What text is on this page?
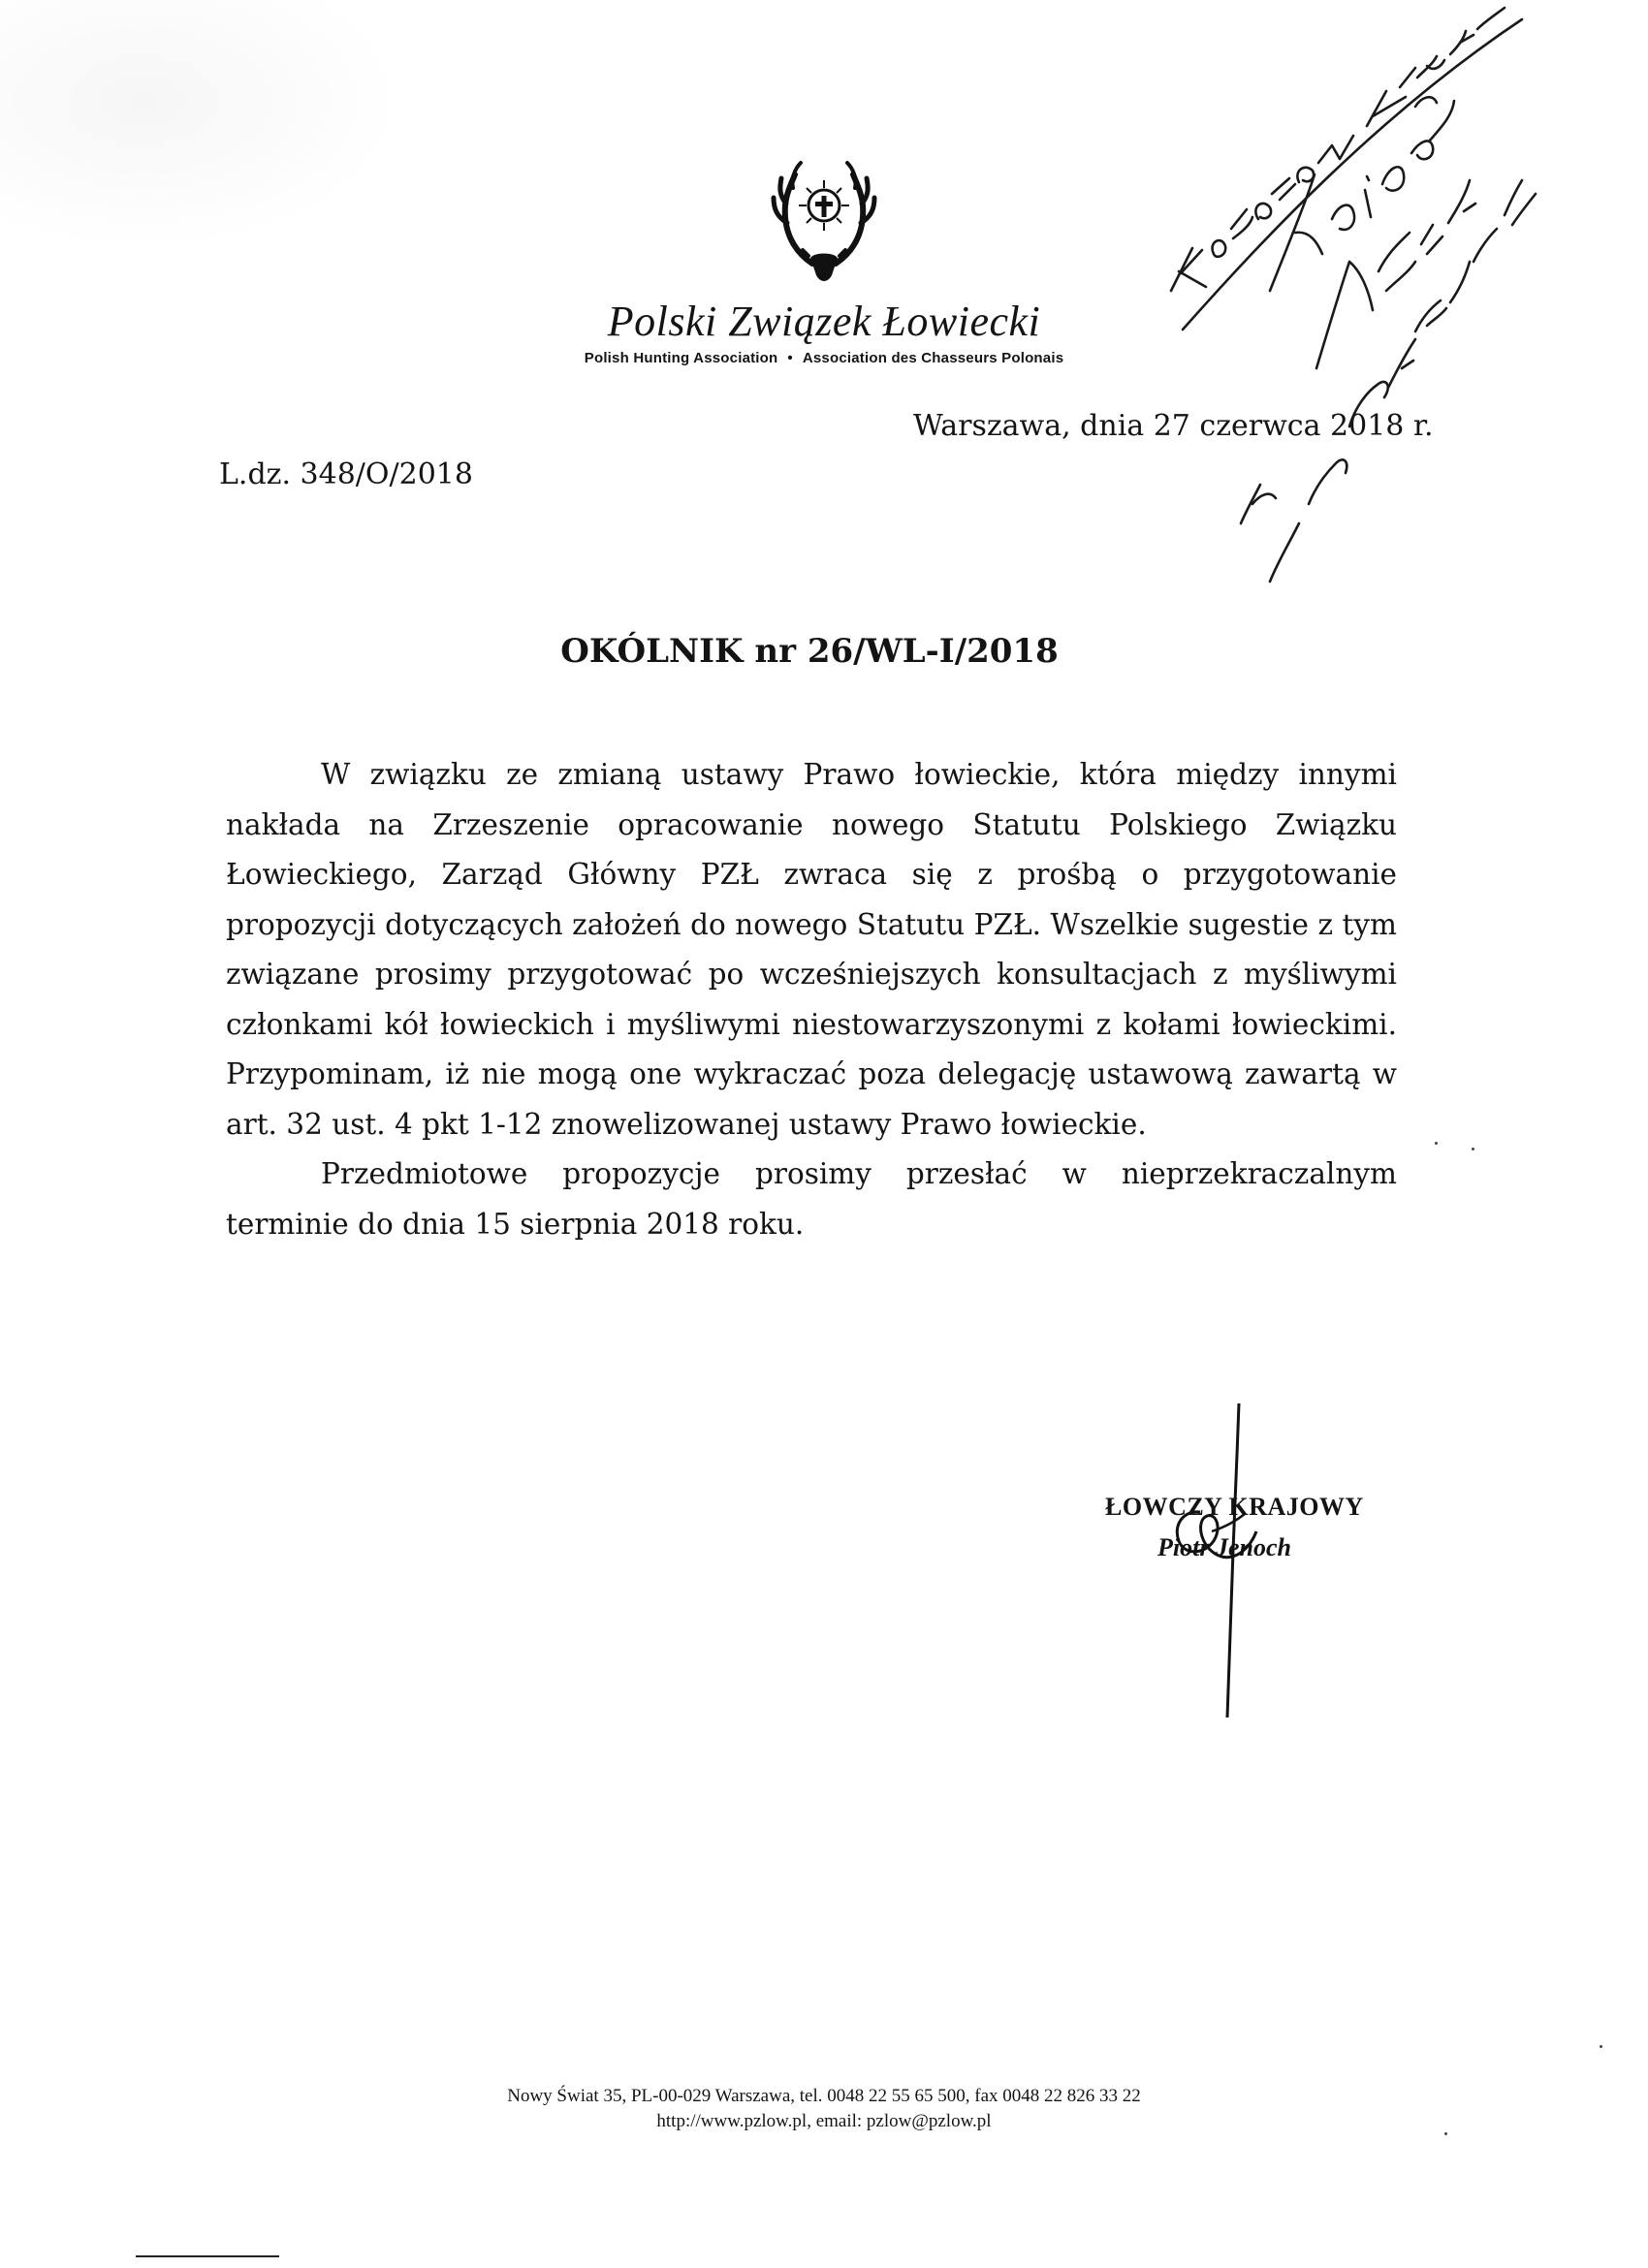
Polski Związek Łowiecki
Polish Hunting Association • Association des Chasseurs Polonais
Warszawa, dnia 27 czerwca 2018 r.
L.dz. 348/O/2018
OKÓLNIK nr 26/WL-I/2018

W związku ze zmianą ustawy Prawo łowieckie, która między innymi nakłada na Zrzeszenie opracowanie nowego Statutu Polskiego Związku Łowieckiego, Zarząd Główny PZŁ zwraca się z prośbą o przygotowanie propozycji dotyczących założeń do nowego Statutu PZŁ. Wszelkie sugestie z tym związane prosimy przygotować po wcześniejszych konsultacjach z myśliwymi członkami kół łowieckich i myśliwymi niestowarzyszonymi z kołami łowieckimi. Przypominam, iż nie mogą one wykraczać poza delegację ustawową zawartą w art. 32 ust. 4 pkt 1-12 znowelizowanej ustawy Prawo łowieckie.

Przedmiotowe propozycje prosimy przesłać w nieprzekraczalnym terminie do dnia 15 sierpnia 2018 roku.

ŁOWCZY KRAJOWY
Piotr Jenoch
Nowy Świat 35, PL-00-029 Warszawa, tel. 0048 22 55 65 500, fax 0048 22 826 33 22
http://www.pzlow.pl, email: pzlow@pzlow.pl
